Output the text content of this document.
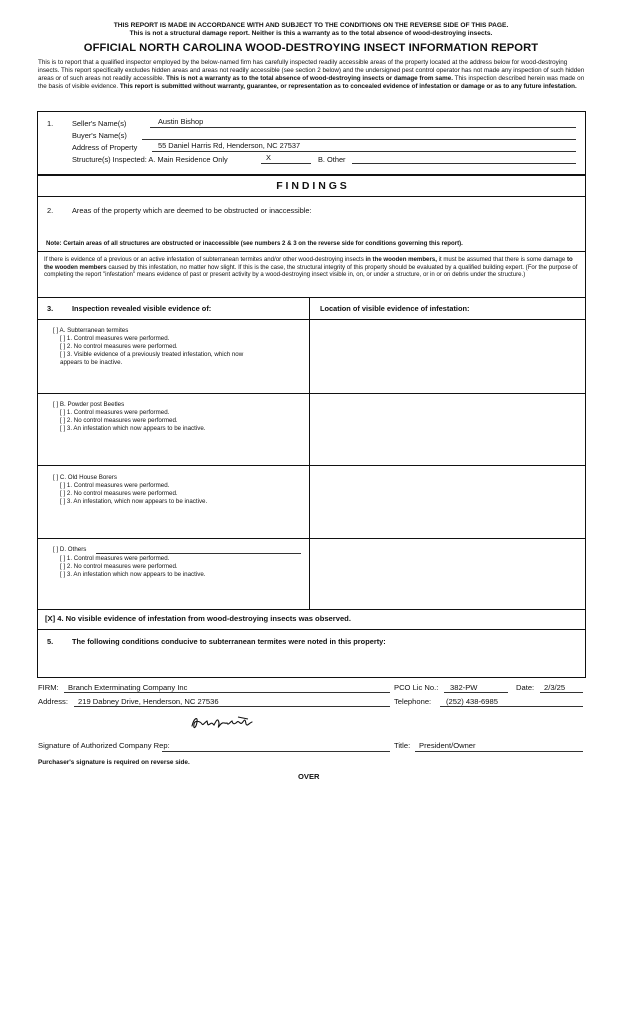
THIS REPORT IS MADE IN ACCORDANCE WITH AND SUBJECT TO THE CONDITIONS ON THE REVERSE SIDE OF THIS PAGE.
This is not a structural damage report. Neither is this a warranty as to the total absence of wood-destroying insects.
OFFICIAL NORTH CAROLINA WOOD-DESTROYING INSECT INFORMATION REPORT
This is to report that a qualified inspector employed by the below-named firm has carefully inspected readily accessible areas of the property located at the address below for wood-destroying insects. This report specifically excludes hidden areas and areas not readily accessible (see section 2 below) and the undersigned pest control operator has not made any inspection of such hidden areas or of such areas not readily accessible. This is not a warranty as to the total absence of wood-destroying insects or damage from same. This inspection described herein was made on the basis of visible evidence. This report is submitted without warranty, guarantee, or representation as to concealed evidence of infestation or damage or as to any future infestation.
1.	Seller's Name(s)	Austin Bishop
Buyer's Name(s)
Address of Property	55 Daniel Harris Rd, Henderson, NC 27537
Structure(s) Inspected: A. Main Residence Only	X	B. Other
F I N D I N G S
2.	Areas of the property which are deemed to be obstructed or inaccessible:
Note: Certain areas of all structures are obstructed or inaccessible (see numbers 2 & 3 on the reverse side for conditions governing this report).
If there is evidence of a previous or an active infestation of subterranean termites and/or other wood-destroying insects in the wooden members, it must be assumed that there is some damage to the wooden members caused by this infestation, no matter how slight. If this is the case, the structural integrity of this property should be evaluated by a qualified building expert. (For the purpose of completing the report "infestation" means evidence of past or present activity by a wood-destroying insect visible in, on, or under a structure, or in or on debris under the structure.)
3.	Inspection revealed visible evidence of:	Location of visible evidence of infestation:
[ ] A. Subterranean termites
[ ] 1. Control measures were performed.
[ ] 2. No control measures were performed.
[ ] 3. Visible evidence of a previously treated infestation, which now
appears to be inactive.
[ ] B. Powder post Beetles
[ ] 1. Control measures were performed.
[ ] 2. No control measures were performed.
[ ] 3. An infestation which now appears to be inactive.
[ ] C. Old House Borers
[ ] 1. Control measures were performed.
[ ] 2. No control measures were performed.
[ ] 3. An infestation, which now appears to be inactive.
[ ] D. Others
[ ] 1. Control measures were performed.
[ ] 2. No control measures were performed.
[ ] 3. An infestation which now appears to be inactive.
[X] 4. No visible evidence of infestation from wood-destroying insects was observed.
5.	The following conditions conducive to subterranean termites were noted in this property:
FIRM: Branch Exterminating Company Inc	PCO Lic No.: 382-PW	Date: 2/3/25
Address: 219 Dabney Drive, Henderson, NC 27536	Telephone: (252) 438-6985
Signature of Authorized Company Rep:	Title: President/Owner
Purchaser's signature is required on reverse side.
OVER
